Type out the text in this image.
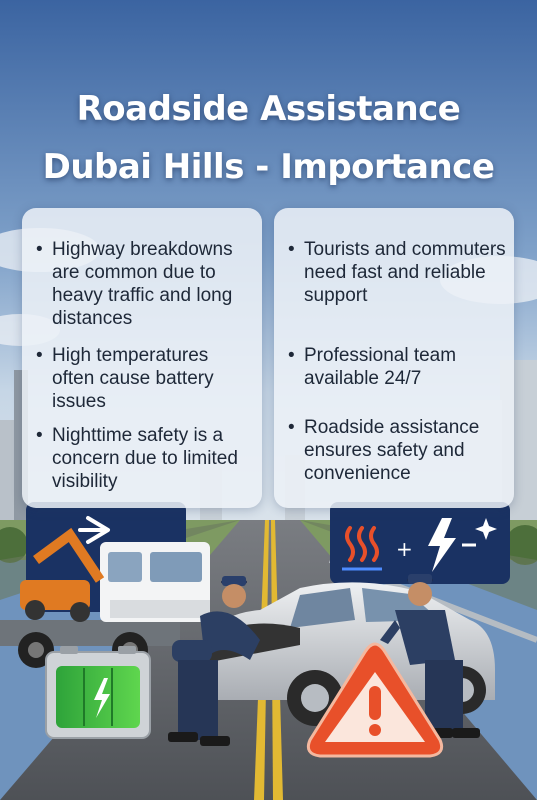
+
Roadside Assistance
Dubai Hills - Importance
• Highway breakdowns are common due to heavy traffic and long distances
• High temperatures often cause battery issues
• Nighttime safety is a concern due to limited visibility
• Tourists and commuters need fast and reliable support
• Professional team available 24/7
• Roadside assistance ensures safety and convenience
